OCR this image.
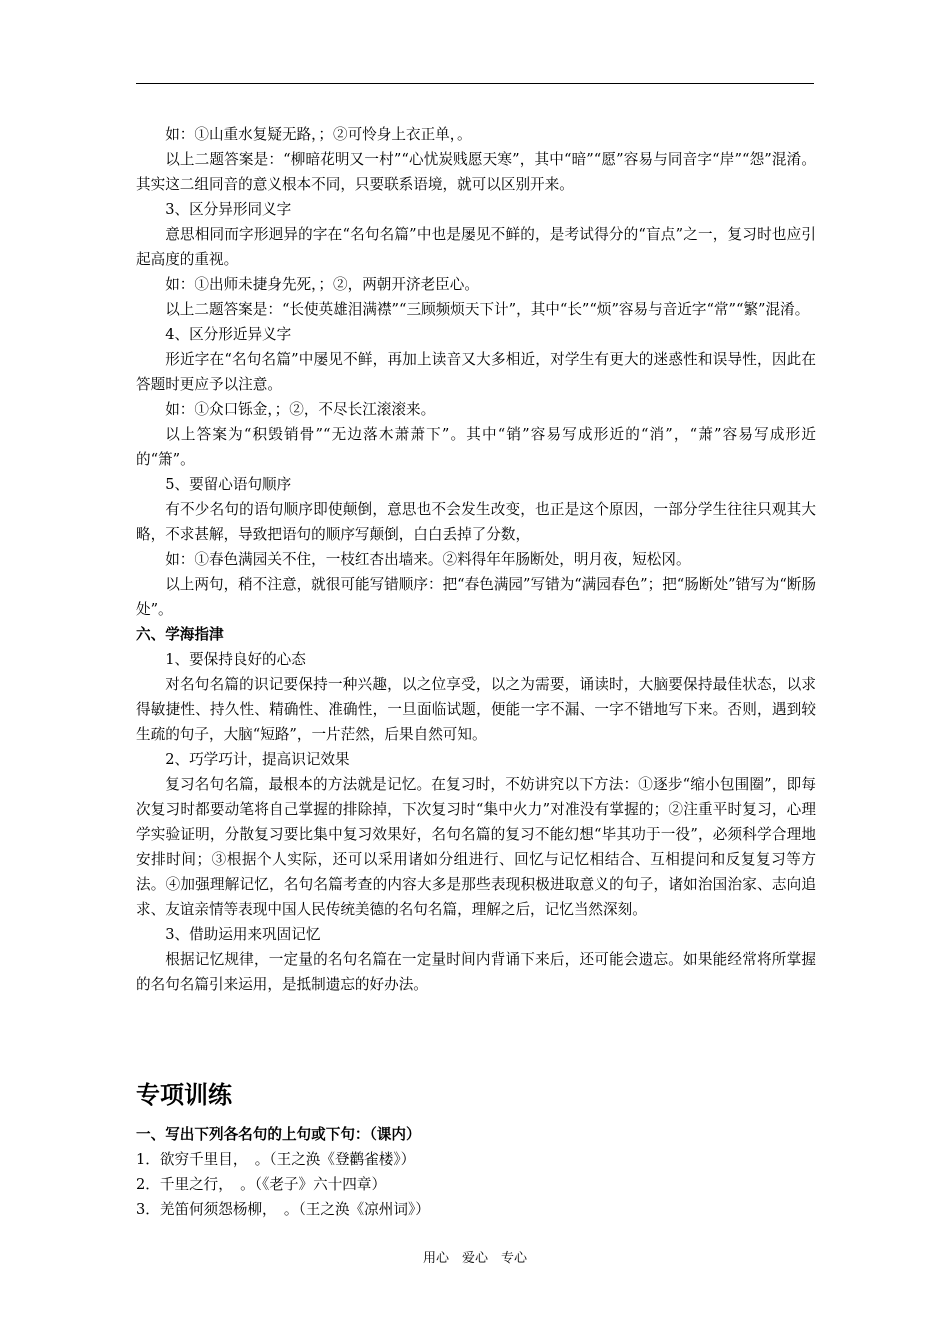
如：①山重水复疑无路，；②可怜身上衣正单，。

以上二题答案是：“柳暗花明又一村”“心忧炭贱愿天寒”，其中“暗”“愿”容易与同音字“岸”“怨”混淆。其实这二组同音的意义根本不同，只要联系语境，就可以区别开来。

3、区分异形同义字

意思相同而字形迥异的字在“名句名篇”中也是屡见不鲜的，是考试得分的“盲点”之一，复习时也应引起高度的重视。

如：①出师未捷身先死，；②，两朝开济老臣心。

以上二题答案是：“长使英雄泪满襟”“三顾频烦天下计”，其中“长”“烦”容易与音近字“常”“繁”混淆。

4、区分形近异义字

形近字在“名句名篇”中屡见不鲜，再加上读音又大多相近，对学生有更大的迷惑性和误导性，因此在答题时更应予以注意。

如：①众口铄金，；②，不尽长江滚滚来。

以上答案为“积毁销骨”“无边落木萧萧下”。其中“销”容易写成形近的“消”，“萧”容易写成形近的“箫”。

5、要留心语句顺序

有不少名句的语句顺序即使颠倒，意思也不会发生改变，也正是这个原因，一部分学生往往只观其大略，不求甚解，导致把语句的顺序写颠倒，白白丢掉了分数，

如：①春色满园关不住，一枝红杏出墙来。②料得年年肠断处，明月夜，短松冈。

以上两句，稍不注意，就很可能写错顺序：把“春色满园”写错为“满园春色”；把“肠断处”错写为“断肠处”。

六、学海指津

1、要保持良好的心态

对名句名篇的识记要保持一种兴趣，以之位享受，以之为需要，诵读时，大脑要保持最佳状态，以求得敏捷性、持久性、精确性、准确性，一旦面临试题，便能一字不漏、一字不错地写下来。否则，遇到较生疏的句子，大脑“短路”，一片茫然，后果自然可知。

2、巧学巧计，提高识记效果

复习名句名篇，最根本的方法就是记忆。在复习时，不妨讲究以下方法：①逐步“缩小包围圈”，即每次复习时都要动笔将自己掌握的排除掉，下次复习时“集中火力”对准没有掌握的；②注重平时复习，心理学实验证明，分散复习要比集中复习效果好，名句名篇的复习不能幻想“毕其功于一役”，必须科学合理地安排时间；③根据个人实际，还可以采用诸如分组进行、回忆与记忆相结合、互相提问和反复复习等方法。④加强理解记忆，名句名篇考查的内容大多是那些表现积极进取意义的句子，诸如治国治家、志向追求、友谊亲情等表现中国人民传统美德的名句名篇，理解之后，记忆当然深刻。

3、借助运用来巩固记忆

根据记忆规律，一定量的名句名篇在一定量时间内背诵下来后，还可能会遗忘。如果能经常将所掌握的名句名篇引来运用，是抵制遗忘的好办法。

专项训练

一、写出下列各名句的上句或下句：（课内）

1．欲穷千里目，　。（王之涣《登鹳雀楼》）

2．千里之行，　。（《老子》六十四章）

3．羌笛何须怨杨柳，　。（王之涣《凉州词》）

用心　爱心　专心
